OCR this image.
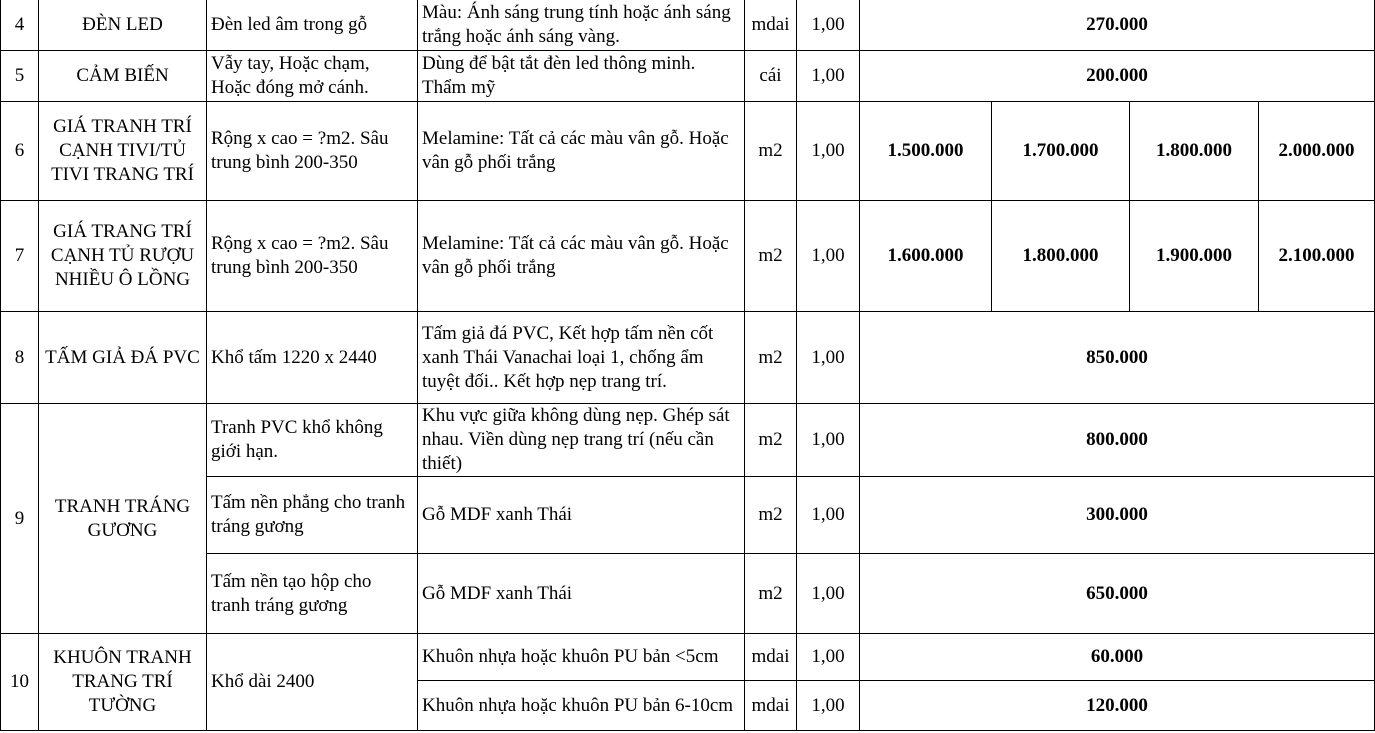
4	ĐÈN LED	Đèn led âm trong gỗ	Màu: Ánh sáng trung tính hoặc ánh sáng trắng hoặc ánh sáng vàng.	mdai	1,00	270.000			
5	CẢM BIẾN	Vẫy tay, Hoặc chạm, Hoặc đóng mở cánh.	Dùng để bật tắt đèn led thông minh. Thẩm mỹ	cái	1,00	200.000			
6	GIÁ TRANH TRÍ CẠNH TIVI/TỦ TIVI TRANG TRÍ	Rộng x cao = ?m2. Sâu trung bình 200-350	Melamine: Tất cả các màu vân gỗ. Hoặc vân gỗ phối trắng	m2	1,00	1.500.000	1.700.000	1.800.000	2.000.000
7	GIÁ TRANG TRÍ CẠNH TỦ RƯỢU NHIỀU Ô LỒNG	Rộng x cao = ?m2. Sâu trung bình 200-350	Melamine: Tất cả các màu vân gỗ. Hoặc vân gỗ phối trắng	m2	1,00	1.600.000	1.800.000	1.900.000	2.100.000
8	TẤM GIẢ ĐÁ PVC	Khổ tấm 1220 x 2440	Tấm giả đá PVC, Kết hợp tấm nền cốt xanh Thái Vanachai loại 1, chống ẩm tuyệt đối.. Kết hợp nẹp trang trí.	m2	1,00	850.000			
9	TRANH TRÁNG GƯƠNG	Tranh PVC khổ không giới hạn.	Khu vực giữa không dùng nẹp. Ghép sát nhau. Viền dùng nẹp trang trí (nếu cần thiết)	m2	1,00	800.000			
		Tấm nền phẳng cho tranh tráng gương	Gỗ MDF xanh Thái	m2	1,00	300.000			
		Tấm nền tạo hộp cho tranh tráng gương	Gỗ MDF xanh Thái	m2	1,00	650.000			
10	KHUÔN TRANH TRANG TRÍ TƯỜNG	Khổ dài 2400	Khuôn nhựa hoặc khuôn PU bản <5cm	mdai	1,00	60.000			
			Khuôn nhựa hoặc khuôn PU bản 6-10cm	mdai	1,00	120.000			
